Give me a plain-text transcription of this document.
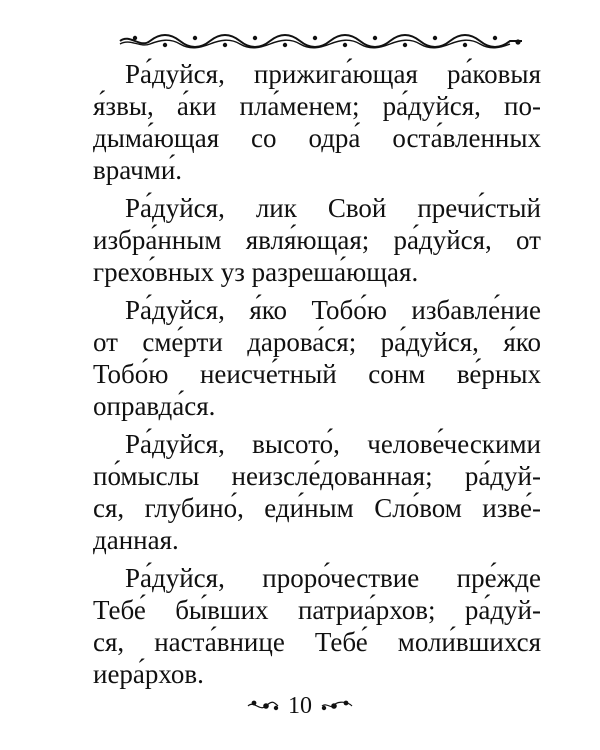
Ра́дуйся, прижига́ющая ра́ковыя
я́звы, а́ки пла́менем; ра́дуйся, по-
дыма́ющая со одра́ оста́вленных
врачми́.
Ра́дуйся, лик Свой пречи́стый
избра́нным явля́ющая; ра́дуйся, от
грехо́вных уз разреша́ющая.
Ра́дуйся, я́ко Тобо́ю избавле́ние
от сме́рти дарова́ся; ра́дуйся, я́ко
Тобо́ю неисче́тный сонм ве́рных
оправда́ся.
Ра́дуйся, высото́, челове́ческими
по́мыслы неизсле́дованная; ра́дуй-
ся, глубино́, еди́ным Сло́вом изве́-
данная.
Ра́дуйся, проро́чествие пре́жде
Тебе́ бы́вших патриа́рхов; ра́дуй-
ся, наста́внице Тебе́ моли́вшихся
иера́рхов.
10
